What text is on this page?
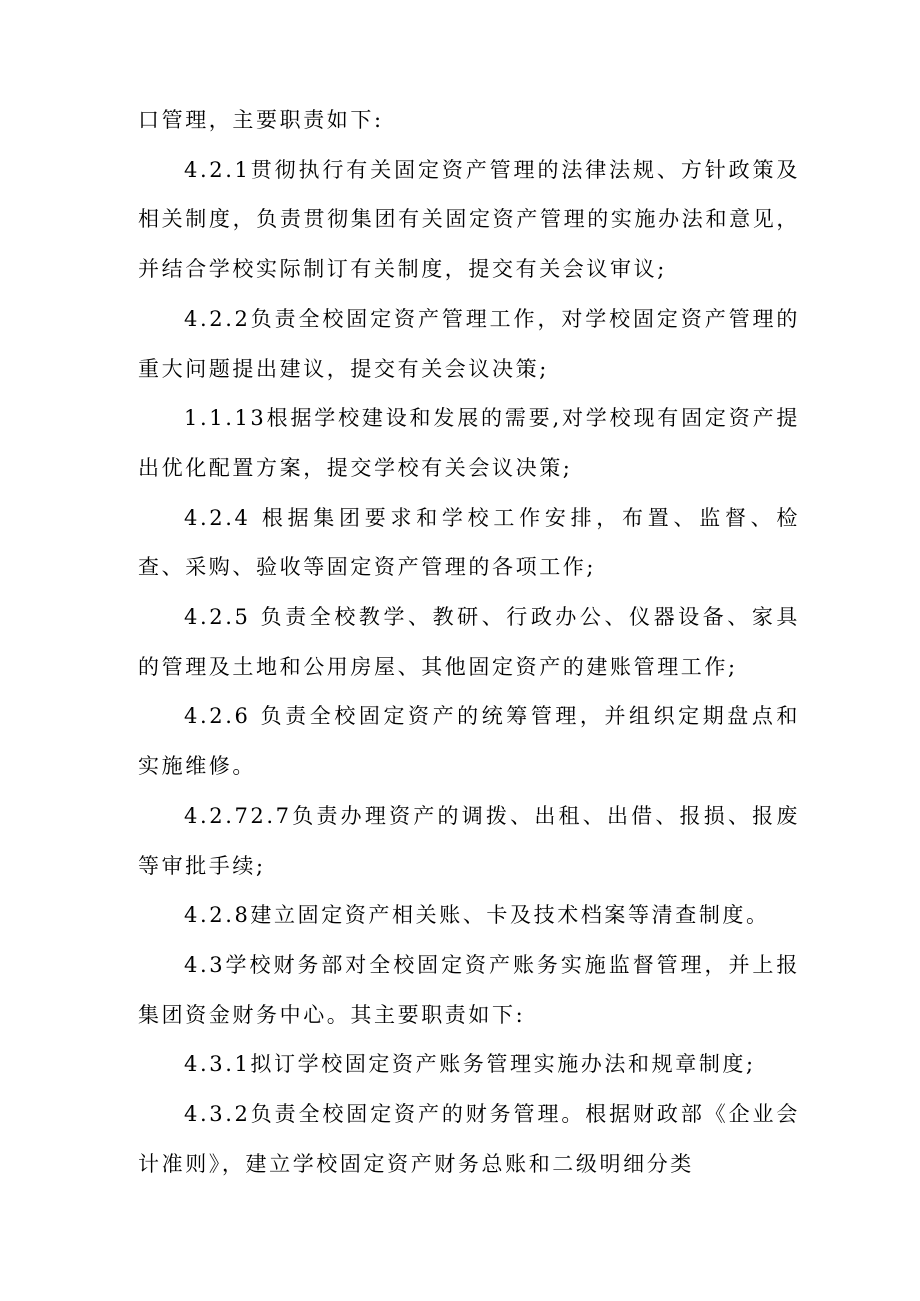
口管理，主要职责如下:

4.2.1贯彻执行有关固定资产管理的法律法规、方针政策及相关制度，负责贯彻集团有关固定资产管理的实施办法和意见，并结合学校实际制订有关制度，提交有关会议审议;

4.2.2负责全校固定资产管理工作，对学校固定资产管理的重大问题提出建议，提交有关会议决策;

1.1.13根据学校建设和发展的需要,对学校现有固定资产提出优化配置方案，提交学校有关会议决策;

4.2.4 根据集团要求和学校工作安排，布置、监督、检查、采购、验收等固定资产管理的各项工作;

4.2.5 负责全校教学、教研、行政办公、仪器设备、家具的管理及土地和公用房屋、其他固定资产的建账管理工作;

4.2.6 负责全校固定资产的统筹管理，并组织定期盘点和实施维修。

4.2.72.7负责办理资产的调拨、出租、出借、报损、报废等审批手续;

4.2.8建立固定资产相关账、卡及技术档案等清查制度。

4.3学校财务部对全校固定资产账务实施监督管理，并上报集团资金财务中心。其主要职责如下:

4.3.1拟订学校固定资产账务管理实施办法和规章制度;

4.3.2负责全校固定资产的财务管理。根据财政部《企业会计准则》，建立学校固定资产财务总账和二级明细分类
